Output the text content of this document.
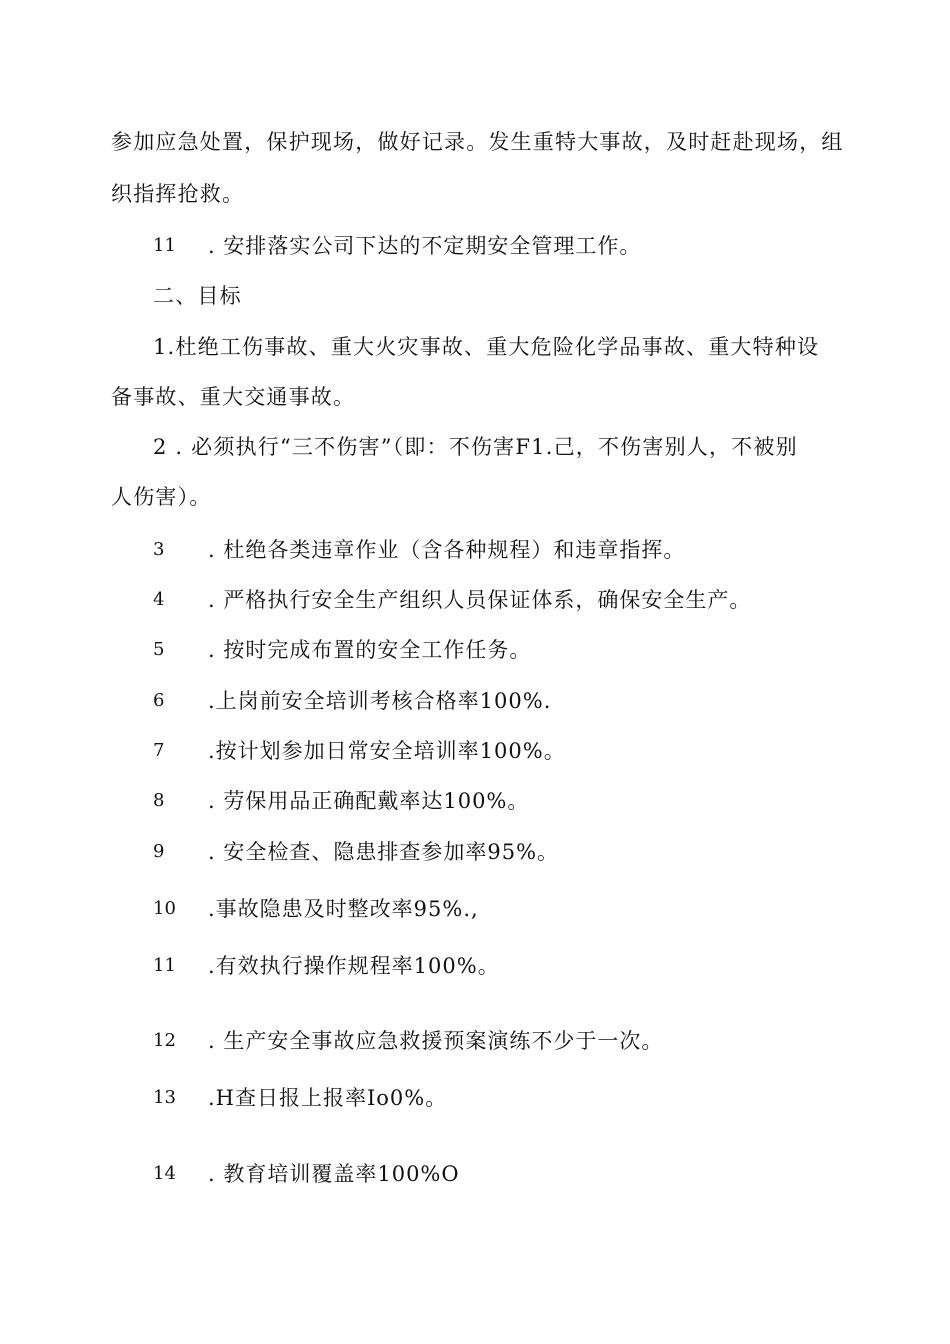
参加应急处置，保护现场，做好记录。发生重特大事故，及时赶赴现场，组
织指挥抢救。
11 . 安排落实公司下达的不定期安全管理工作。
二、目标
1.杜绝工伤事故、重大火灾事故、重大危险化学品事故、重大特种设
备事故、重大交通事故。
2 . 必须执行“三不伤害”（即：不伤害F1.己，不伤害别人，不被别
人伤害）。
3 . 杜绝各类违章作业（含各种规程）和违章指挥。
4 . 严格执行安全生产组织人员保证体系，确保安全生产。
5 . 按时完成布置的安全工作任务。
6 .上岗前安全培训考核合格率100%.
7 .按计划参加日常安全培训率100%。
8 . 劳保用品正确配戴率达100%。
9 . 安全检查、隐患排查参加率95%。
10 .事故隐患及时整改率95%.,
11 .有效执行操作规程率100%。
12 . 生产安全事故应急救援预案演练不少于一次。
13 .H查日报上报率Io0%。
14 . 教育培训覆盖率100%O
